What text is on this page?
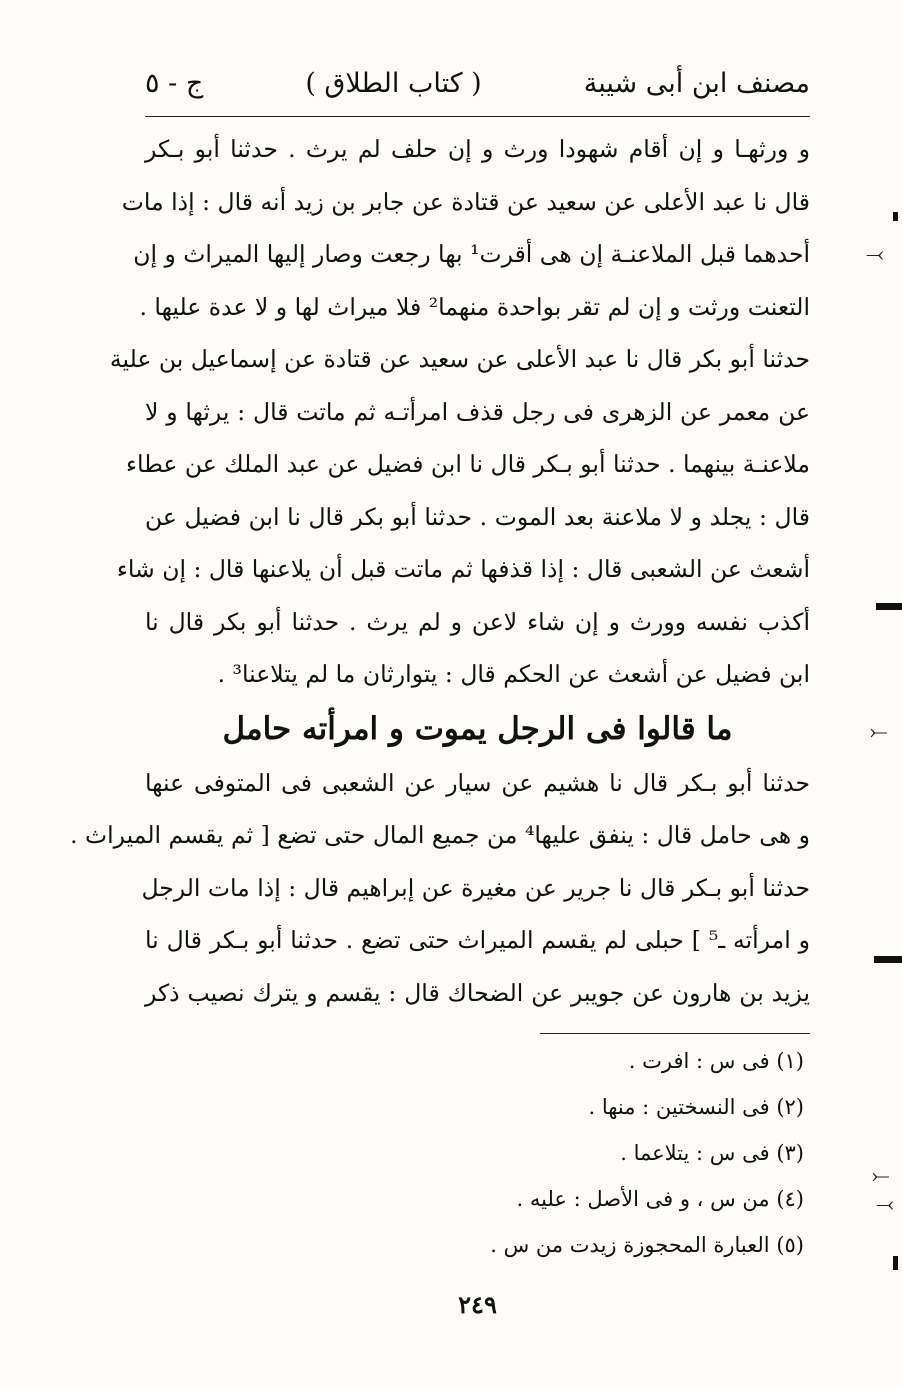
مصنف ابن أبى شيبة
( كتاب الطلاق )
ج - ٥
و ورثهـا و إن أقام شهودا ورث و إن حلف لم يرث . حدثنا أبو بـكر
قال نا عبد الأعلى عن سعيد عن قتادة عن جابر بن زيد أنه قال : إذا مات
أحدهما قبل الملاعنـة إن هى أقرت¹ بها رجعت وصار إليها الميراث و إن
التعنت ورثت و إن لم تقر بواحدة منهما² فلا ميراث لها و لا عدة عليها .
حدثنا أبو بكر قال نا عبد الأعلى عن سعيد عن قتادة عن إسماعيل بن علية
عن معمر عن الزهرى فى رجل قذف امرأتـه ثم ماتت قال : يرثها و لا
ملاعنـة بينهما . حدثنا أبو بـكر قال نا ابن فضيل عن عبد الملك عن عطاء
قال : يجلد و لا ملاعنة بعد الموت . حدثنا أبو بكر قال نا ابن فضيل عن
أشعث عن الشعبى قال : إذا قذفها ثم ماتت قبل أن يلاعنها قال : إن شاء
أكذب نفسه وورث و إن شاء لاعن و لم يرث . حدثنا أبو بكر قال نا
ابن فضيل عن أشعث عن الحكم قال : يتوارثان ما لم يتلاعنا³ .
ما قالوا فى الرجل يموت و امرأته حامل
حدثنا أبو بـكر قال نا هشيم عن سيار عن الشعبى فى المتوفى عنها
و هى حامل قال : ينفق عليها⁴ من جميع المال حتى تضع [ ثم يقسم الميراث .
حدثنا أبو بـكر قال نا جرير عن مغيرة عن إبراهيم قال : إذا مات الرجل
و امرأته ـ⁵ ] حبلى لم يقسم الميراث حتى تضع . حدثنا أبو بـكر قال نا
يزيد بن هارون عن جويبر عن الضحاك قال : يقسم و يترك نصيب ذكر
(١) فى س : افرت .
(٢) فى النسختين : منها .
(٣) فى س : يتلاعما .
(٤) من س ، و فى الأصل : عليه .
(٥) العبارة المحجوزة زيدت من س .
٢٤٩
⤙
⤚
⤚
⤙
